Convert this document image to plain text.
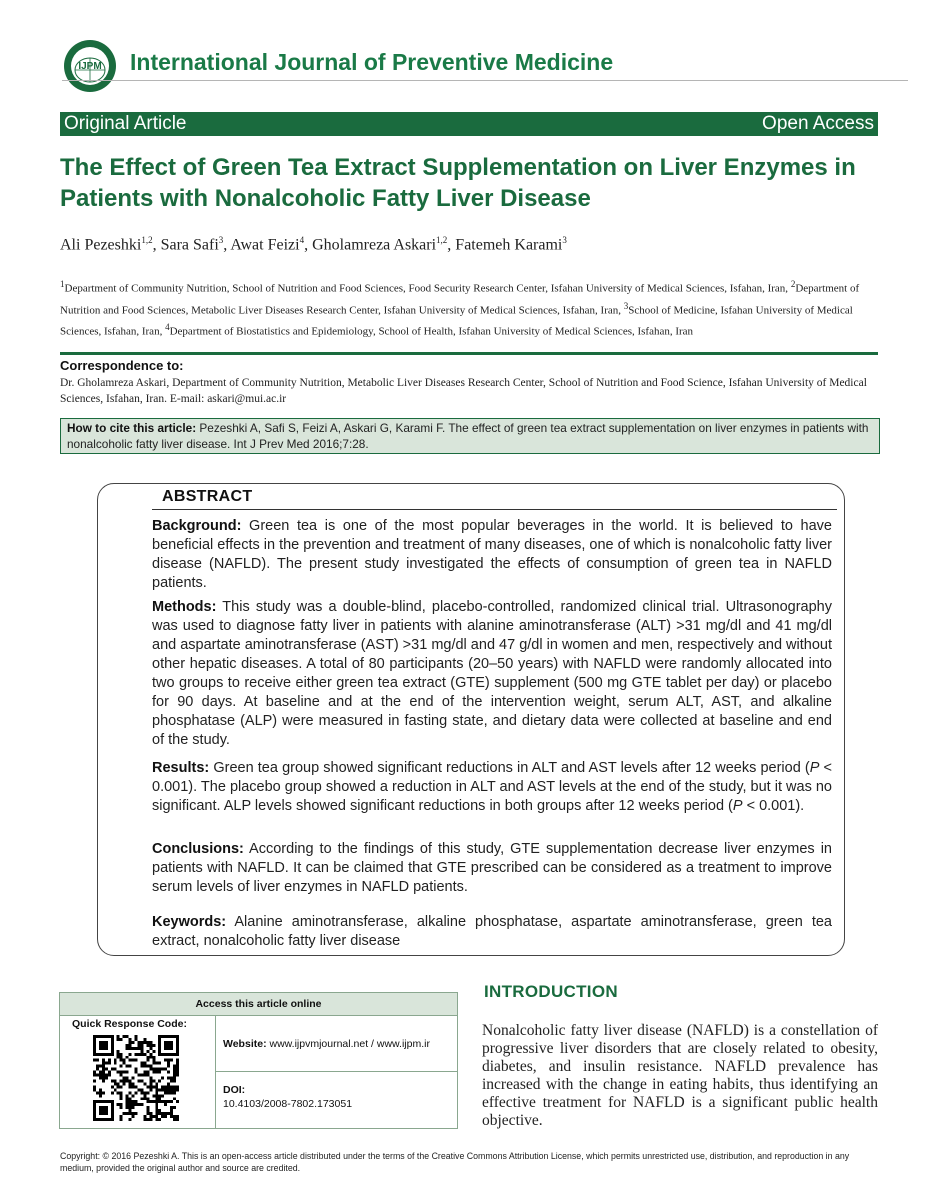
IJPM International Journal of Preventive Medicine
Original Article	Open Access
The Effect of Green Tea Extract Supplementation on Liver Enzymes in Patients with Nonalcoholic Fatty Liver Disease
Ali Pezeshki$^{1,2}$, Sara Safi$^3$, Awat Feizi$^4$, Gholamreza Askari$^{1,2}$, Fatemeh Karami$^3$
$^1$Department of Community Nutrition, School of Nutrition and Food Sciences, Food Security Research Center, Isfahan University of Medical Sciences, Isfahan, Iran, $^2$Department of Nutrition and Food Sciences, Metabolic Liver Diseases Research Center, Isfahan University of Medical Sciences, Isfahan, Iran, $^3$School of Medicine, Isfahan University of Medical Sciences, Isfahan, Iran, $^4$Department of Biostatistics and Epidemiology, School of Health, Isfahan University of Medical Sciences, Isfahan, Iran
Correspondence to:
Dr. Gholamreza Askari, Department of Community Nutrition, Metabolic Liver Diseases Research Center, School of Nutrition and Food Science, Isfahan University of Medical Sciences, Isfahan, Iran. E-mail: askari@mui.ac.ir
How to cite this article: Pezeshki A, Safi S, Feizi A, Askari G, Karami F. The effect of green tea extract supplementation on liver enzymes in patients with nonalcoholic fatty liver disease. Int J Prev Med 2016;7:28.
ABSTRACT

Background: Green tea is one of the most popular beverages in the world. It is believed to have beneficial effects in the prevention and treatment of many diseases, one of which is nonalcoholic fatty liver disease (NAFLD). The present study investigated the effects of consumption of green tea in NAFLD patients.

Methods: This study was a double-blind, placebo-controlled, randomized clinical trial. Ultrasonography was used to diagnose fatty liver in patients with alanine aminotransferase (ALT) >31 mg/dl and 41 mg/dl and aspartate aminotransferase (AST) >31 mg/dl and 47 g/dl in women and men, respectively and without other hepatic diseases. A total of 80 participants (20–50 years) with NAFLD were randomly allocated into two groups to receive either green tea extract (GTE) supplement (500 mg GTE tablet per day) or placebo for 90 days. At baseline and at the end of the intervention weight, serum ALT, AST, and alkaline phosphatase (ALP) were measured in fasting state, and dietary data were collected at baseline and end of the study.

Results: Green tea group showed significant reductions in ALT and AST levels after 12 weeks period (P < 0.001). The placebo group showed a reduction in ALT and AST levels at the end of the study, but it was no significant. ALP levels showed significant reductions in both groups after 12 weeks period (P < 0.001).

Conclusions: According to the findings of this study, GTE supplementation decrease liver enzymes in patients with NAFLD. It can be claimed that GTE prescribed can be considered as a treatment to improve serum levels of liver enzymes in NAFLD patients.

Keywords: Alanine aminotransferase, alkaline phosphatase, aspartate aminotransferase, green tea extract, nonalcoholic fatty liver disease

Access this article online
Quick Response Code:
Website: www.ijpvmjournal.net / www.ijpm.ir
DOI:
10.4103/2008-7802.173051
INTRODUCTION

Nonalcoholic fatty liver disease (NAFLD) is a constellation of progressive liver disorders that are closely related to obesity, diabetes, and insulin resistance. NAFLD prevalence has increased with the change in eating habits, thus identifying an effective treatment for NAFLD is a significant public health objective.

Copyright: © 2016 Pezeshki A. This is an open-access article distributed under the terms of the Creative Commons Attribution License, which permits unrestricted use, distribution, and reproduction in any medium, provided the original author and source are credited.
